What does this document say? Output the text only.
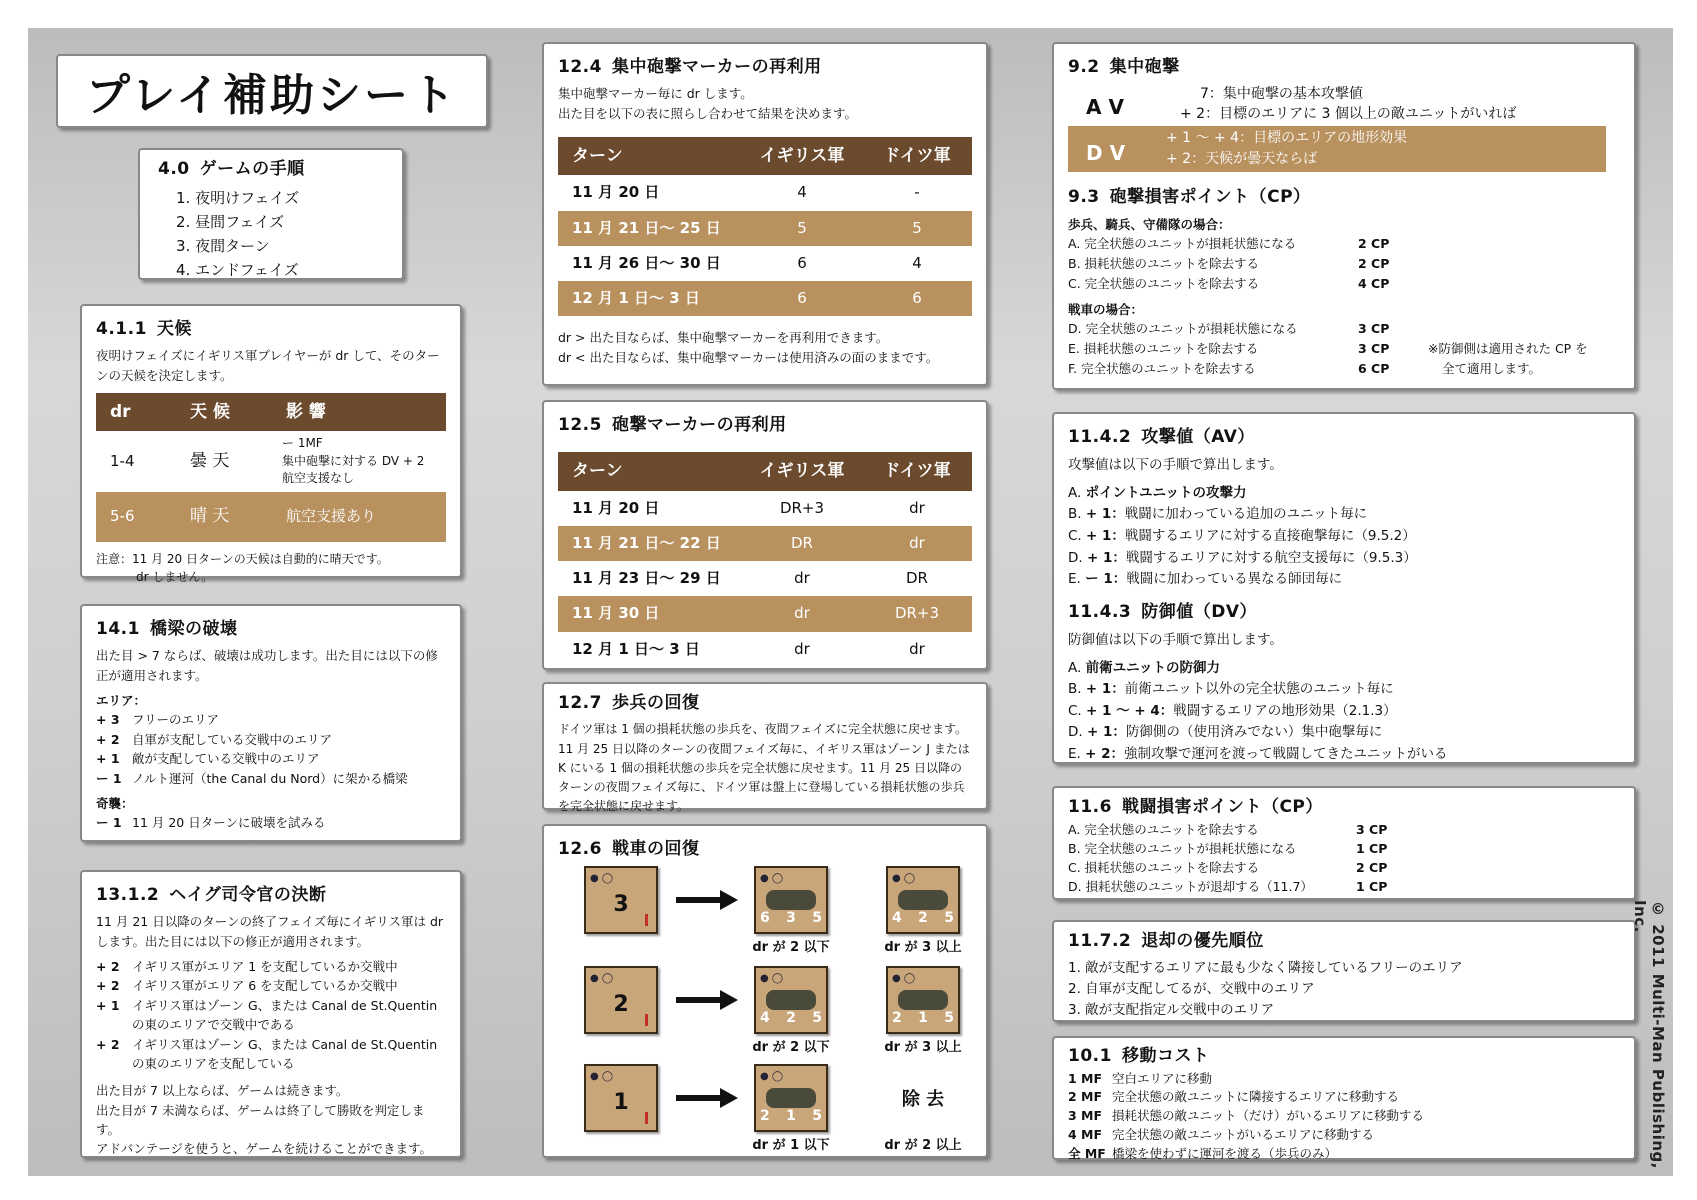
プレイ補助シート
4.0 ゲームの手順
1. 夜明けフェイズ
2. 昼間フェイズ
3. 夜間ターン
4. エンドフェイズ
4.1.1 天候
夜明けフェイズにイギリス軍プレイヤーが dr して、そのターンの天候を決定します。
dr	天 候	影 響
1-4	曇 天	ー 1MF
集中砲撃に対する DV + 2
航空支援なし

5-6	晴 天	航空支援あり
注意：11 月 20 日ターンの天候は自動的に晴天です。
dr しません。
14.1 橋梁の破壊
出た目 > 7 ならば、破壊は成功します。出た目には以下の修正が適用されます。
エリア：
+ 3 フリーのエリア
+ 2 自軍が支配している交戦中のエリア
+ 1 敵が支配している交戦中のエリア
ー 1 ノルト運河（the Canal du Nord）に架かる橋梁
奇襲：
ー 1 11 月 20 日ターンに破壊を試みる
13.1.2 ヘイグ司令官の決断
11 月 21 日以降のターンの終了フェイズ毎にイギリス軍は dr します。出た目には以下の修正が適用されます。
+ 2 イギリス軍がエリア 1 を支配しているか交戦中
+ 2 イギリス軍がエリア 6 を支配しているか交戦中
+ 1 イギリス軍はゾーン G、または Canal de St.Quentin の東のエリアで交戦中である
+ 2 イギリス軍はゾーン G、または Canal de St.Quentin の東のエリアを支配している
出た目が 7 以上ならば、ゲームは続きます。
出た目が 7 未満ならば、ゲームは終了して勝敗を判定します。
アドバンテージを使うと、ゲームを続けることができます。
12.4 集中砲撃マーカーの再利用
集中砲撃マーカー毎に dr します。
出た目を以下の表に照らし合わせて結果を決めます。
ターン	イギリス軍	ドイツ軍
11 月 20 日	4	-
11 月 21 日〜 25 日	5	5
11 月 26 日〜 30 日	6	4
12 月 1 日〜 3 日	6	6
dr > 出た目ならば、集中砲撃マーカーを再利用できます。
dr < 出た目ならば、集中砲撃マーカーは使用済みの面のままです。
12.5 砲撃マーカーの再利用
ターン	イギリス軍	ドイツ軍
11 月 20 日	DR+3	dr
11 月 21 日〜 22 日	DR	dr
11 月 23 日〜 29 日	dr	DR
11 月 30 日	dr	DR+3
12 月 1 日〜 3 日	dr	dr
12.7 歩兵の回復
ドイツ軍は 1 個の損耗状態の歩兵を、夜間フェイズに完全状態に戻せます。11 月 25 日以降のターンの夜間フェイズ毎に、イギリス軍はゾーン J または K にいる 1 個の損耗状態の歩兵を完全状態に戻せます。11 月 25 日以降のターンの夜間フェイズ毎に、ドイツ軍は盤上に登場している損耗状態の歩兵を完全状態に戻せます。
12.6 戦車の回復
● ◯
3
● ◯
6 3 5
dr が 2 以下
● ◯
4 2 5
dr が 3 以上
● ◯
2
● ◯
4 2 5
dr が 2 以下
● ◯
2 1 5
dr が 3 以上
● ◯
1
● ◯
2 1 5
dr が 1 以下
除 去
dr が 2 以上
9.2 集中砲撃
A V
7：集中砲撃の基本攻撃値
+ 2：目標のエリアに 3 個以上の敵ユニットがいれば
D V
+ 1 〜 + 4：目標のエリアの地形効果
+ 2：天候が曇天ならば
9.3 砲撃損害ポイント（CP）
歩兵、騎兵、守備隊の場合：
A. 完全状態のユニットが損耗状態になる	2 CP
B. 損耗状態のユニットを除去する	2 CP
C. 完全状態のユニットを除去する	4 CP
戦車の場合：
D. 完全状態のユニットが損耗状態になる	3 CP
E. 損耗状態のユニットを除去する	3 CP	※防御側は適用された CP を
F. 完全状態のユニットを除去する	6 CP	全て適用します。
11.4.2 攻撃値（AV）
攻撃値は以下の手順で算出します。
A. ポイントユニットの攻撃力
B. + 1：戦闘に加わっている追加のユニット毎に
C. + 1：戦闘するエリアに対する直接砲撃毎に（9.5.2）
D. + 1：戦闘するエリアに対する航空支援毎に（9.5.3）
E. ー 1：戦闘に加わっている異なる師団毎に
11.4.3 防御値（DV）
防御値は以下の手順で算出します。
A. 前衛ユニットの防御力
B. + 1：前衛ユニット以外の完全状態のユニット毎に
C. + 1 〜 + 4：戦闘するエリアの地形効果（2.1.3）
D. + 1：防御側の（使用済みでない）集中砲撃毎に
E. + 2：強制攻撃で運河を渡って戦闘してきたユニットがいる
11.6 戦闘損害ポイント（CP）
A. 完全状態のユニットを除去する	3 CP
B. 完全状態のユニットが損耗状態になる	1 CP
C. 損耗状態のユニットを除去する	2 CP
D. 損耗状態のユニットが退却する（11.7）	1 CP
11.7.2 退却の優先順位
1. 敵が支配するエリアに最も少なく隣接しているフリーのエリア
2. 自軍が支配してるが、交戦中のエリア
3. 敵が支配指定ル交戦中のエリア
10.1 移動コスト
1 MF 空白エリアに移動
2 MF 完全状態の敵ユニットに隣接するエリアに移動する
3 MF 損耗状態の敵ユニット（だけ）がいるエリアに移動する
4 MF 完全状態の敵ユニットがいるエリアに移動する
全 MF 橋梁を使わずに運河を渡る（歩兵のみ）	© 2011 Multi-Man Publishing, Inc.
